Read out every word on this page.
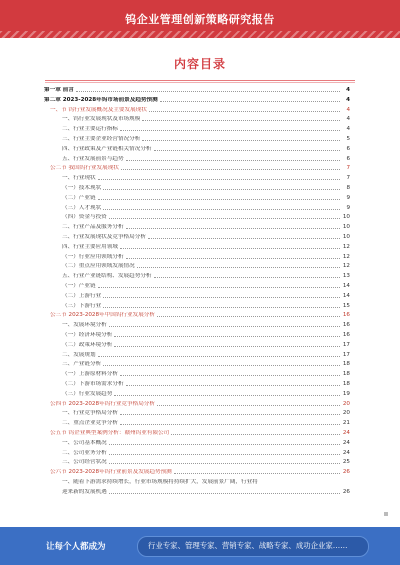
钨企业管理创新策略研究报告
内容目录
第一章 前言	4
第二章 2023-2028年钨市场前景及趋势预测	4
一、节 钨行业发展概况及主要发展现状	4
一、钨行业发展现状及市场规模	4
二、行业主要运行指标	4
三、行业主要企业经营情况分析	5
四、行业政策及产业链相关情况分析	6
五、行业发展前景与趋势	6
公二节 我国钨行业发展现状	7
一、行业现状	7
（一）技术现状	8
（二）产业链	9
（三）人才现状	9
（四）资金与投资	10
二、行业产品及服务分析	10
三、行业发展现状及竞争格局分析	10
四、行业主要应用领域	12
（一）行业应用领域分析	12
（二）重点应用领域发展情况	12
五、行业产业链结构、发展趋势分析	13
（一）产业链	14
（二）上游行业	14
（三）下游行业	15
公三节 2023-2028年中国钨行业发展分析	16
一、发展环境分析	16
（一）经济环境分析	16
（二）政策环境分析	17
二、发展规划	17
三、产业链分析	18
（一）上游原材料分析	18
（二）下游市场需求分析	18
（三）行业发展趋势	19
公四节 2023-2028年钨行业竞争格局分析	20
一、行业竞争格局分析	20
二、重点企业竞争分析	21
公五节 钨企业典型案例分析：赣州钨业有限公司	24
一、公司基本概况	24
二、公司业务分析	24
三、公司经营状况	25
公六节 2023-2028年钨行业前景及发展趋势预测	26
一、随着下游需求持续增长，行业市场规模将持续扩大，发展前景广阔，行业将
迎来新的发展机遇	26
让每个人都成为	行业专家、管理专家、营销专家、战略专家、成功企业家……
